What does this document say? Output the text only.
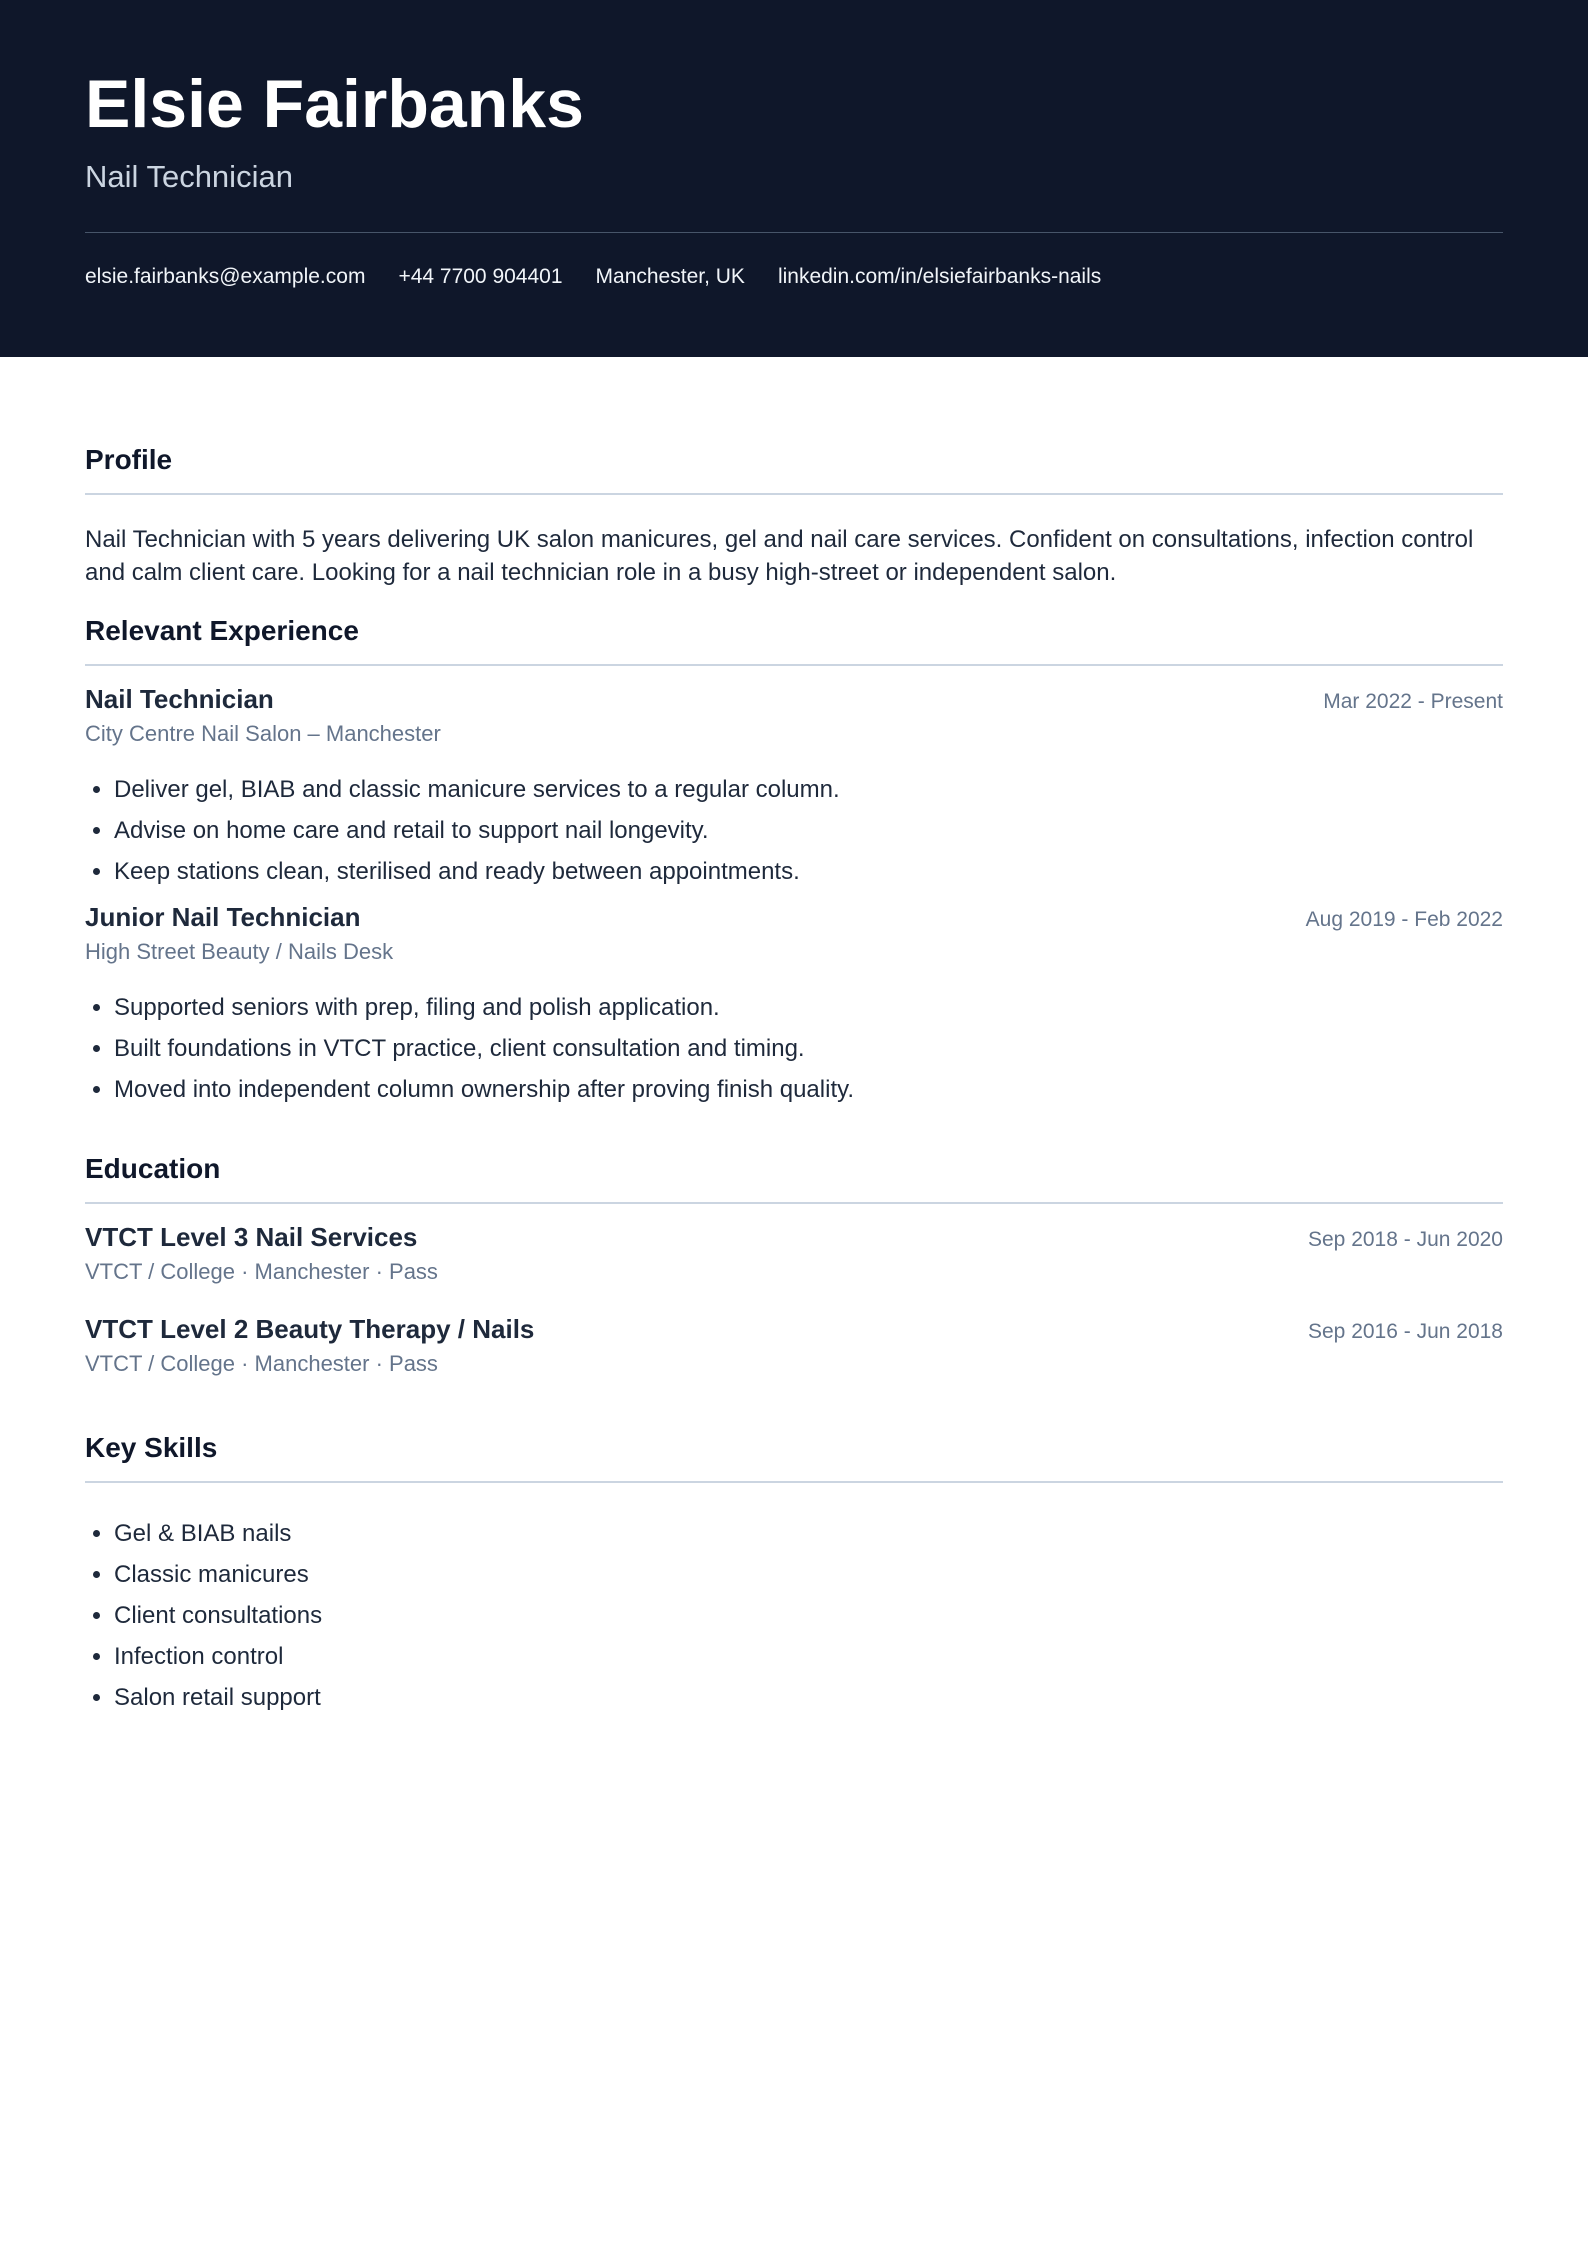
Elsie Fairbanks
Nail Technician
elsie.fairbanks@example.com +44 7700 904401 Manchester, UK linkedin.com/in/elsiefairbanks-nails
Profile
Nail Technician with 5 years delivering UK salon manicures, gel and nail care services. Confident on consultations, infection control and calm client care. Looking for a nail technician role in a busy high-street or independent salon.
Relevant Experience
Nail Technician	Mar 2022 - Present
City Centre Nail Salon – Manchester
• Deliver gel, BIAB and classic manicure services to a regular column.
• Advise on home care and retail to support nail longevity.
• Keep stations clean, sterilised and ready between appointments.
Junior Nail Technician	Aug 2019 - Feb 2022
High Street Beauty / Nails Desk
• Supported seniors with prep, filing and polish application.
• Built foundations in VTCT practice, client consultation and timing.
• Moved into independent column ownership after proving finish quality.
Education
VTCT Level 3 Nail Services	Sep 2018 - Jun 2020
VTCT / College · Manchester · Pass
VTCT Level 2 Beauty Therapy / Nails	Sep 2016 - Jun 2018
VTCT / College · Manchester · Pass
Key Skills
• Gel & BIAB nails
• Classic manicures
• Client consultations
• Infection control
• Salon retail support
